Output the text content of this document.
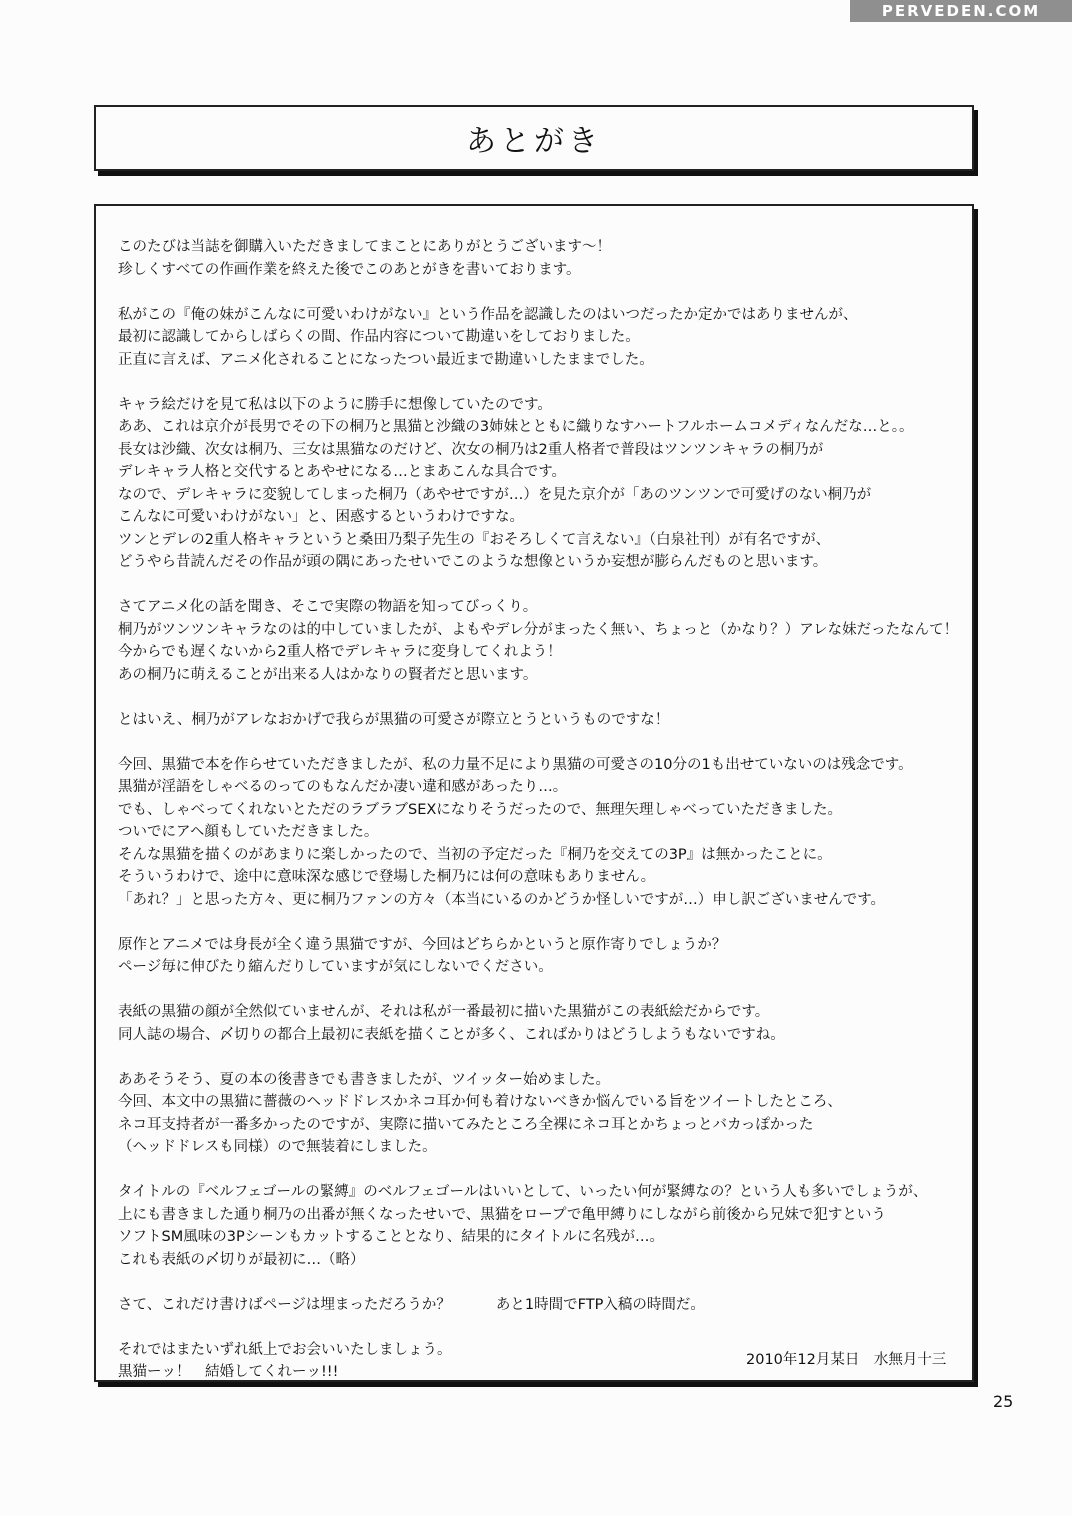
PERVEDEN.COM
あとがき
このたびは当誌を御購入いただきましてまことにありがとうございます〜！
珍しくすべての作画作業を終えた後でこのあとがきを書いております。
私がこの『俺の妹がこんなに可愛いわけがない』という作品を認識したのはいつだったか定かではありませんが、
最初に認識してからしばらくの間、作品内容について勘違いをしておりました。
正直に言えば、アニメ化されることになったつい最近まで勘違いしたままでした。
キャラ絵だけを見て私は以下のように勝手に想像していたのです。
ああ、これは京介が長男でその下の桐乃と黒猫と沙織の3姉妹とともに織りなすハートフルホームコメディなんだな…と。。
長女は沙織、次女は桐乃、三女は黒猫なのだけど、次女の桐乃は2重人格者で普段はツンツンキャラの桐乃が
デレキャラ人格と交代するとあやせになる…とまあこんな具合です。
なので、デレキャラに変貌してしまった桐乃（あやせですが…）を見た京介が「あのツンツンで可愛げのない桐乃が
こんなに可愛いわけがない」と、困惑するというわけですな。
ツンとデレの2重人格キャラというと桑田乃梨子先生の『おそろしくて言えない』（白泉社刊）が有名ですが、
どうやら昔読んだその作品が頭の隅にあったせいでこのような想像というか妄想が膨らんだものと思います。
さてアニメ化の話を聞き、そこで実際の物語を知ってびっくり。
桐乃がツンツンキャラなのは的中していましたが、よもやデレ分がまったく無い、ちょっと（かなり？）アレな妹だったなんて！
今からでも遅くないから2重人格でデレキャラに変身してくれよう！
あの桐乃に萌えることが出来る人はかなりの賢者だと思います。
とはいえ、桐乃がアレなおかげで我らが黒猫の可愛さが際立とうというものですな！
今回、黒猫で本を作らせていただきましたが、私の力量不足により黒猫の可愛さの10分の1も出せていないのは残念です。
黒猫が淫語をしゃべるのってのもなんだか凄い違和感があったり…。
でも、しゃべってくれないとただのラブラブSEXになりそうだったので、無理矢理しゃべっていただきました。
ついでにアヘ顔もしていただきました。
そんな黒猫を描くのがあまりに楽しかったので、当初の予定だった『桐乃を交えての3P』は無かったことに。
そういうわけで、途中に意味深な感じで登場した桐乃には何の意味もありません。
「あれ？」と思った方々、更に桐乃ファンの方々（本当にいるのかどうか怪しいですが…）申し訳ございませんです。
原作とアニメでは身長が全く違う黒猫ですが、今回はどちらかというと原作寄りでしょうか？
ページ毎に伸びたり縮んだりしていますが気にしないでください。
表紙の黒猫の顔が全然似ていませんが、それは私が一番最初に描いた黒猫がこの表紙絵だからです。
同人誌の場合、〆切りの都合上最初に表紙を描くことが多く、こればかりはどうしようもないですね。
ああそうそう、夏の本の後書きでも書きましたが、ツイッター始めました。
今回、本文中の黒猫に薔薇のヘッドドレスかネコ耳か何も着けないべきか悩んでいる旨をツイートしたところ、
ネコ耳支持者が一番多かったのですが、実際に描いてみたところ全裸にネコ耳とかちょっとバカっぽかった
（ヘッドドレスも同様）ので無装着にしました。
タイトルの『ベルフェゴールの緊縛』のベルフェゴールはいいとして、いったい何が緊縛なの？という人も多いでしょうが、
上にも書きました通り桐乃の出番が無くなったせいで、黒猫をロープで亀甲縛りにしながら前後から兄妹で犯すという
ソフトSM風味の3Pシーンもカットすることとなり、結果的にタイトルに名残が…。
これも表紙の〆切りが最初に…（略）
さて、これだけ書けばページは埋まっただろうか？	あと1時間でFTP入稿の時間だ。
それではまたいずれ紙上でお会いいたしましょう。
黒猫ーッ！　結婚してくれーッ!!!
2010年12月某日　水無月十三
25
